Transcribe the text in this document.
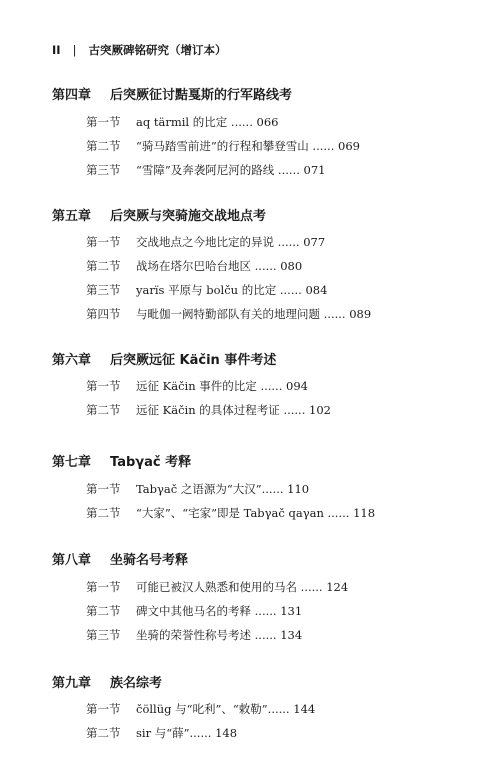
II | 古突厥碑铭研究（增订本）
第四章 后突厥征讨黠戛斯的行军路线考
第一节 aq tärmil 的比定 ...... 066
第二节 “骑马踏雪前进”的行程和攀登雪山 ...... 069
第三节 “雪障”及奔袭阿尼河的路线 ...... 071
第五章 后突厥与突骑施交战地点考
第一节 交战地点之今地比定的异说 ...... 077
第二节 战场在塔尔巴哈台地区 ...... 080
第三节 yarïs 平原与 bolču 的比定 ...... 084
第四节 与毗伽一阙特勤部队有关的地理问题 ...... 089
第六章 后突厥远征 Käčin 事件考述
第一节 远征 Käčin 事件的比定 ...... 094
第二节 远征 Käčin 的具体过程考证 ...... 102
第七章 Tabγač 考释
第一节 Tabγač 之语源为“大汉”...... 110
第二节 “大家”、“宅家”即是 Tabγač qaγan ...... 118
第八章 坐骑名号考释
第一节 可能已被汉人熟悉和使用的马名 ...... 124
第二节 碑文中其他马名的考释 ...... 131
第三节 坐骑的荣誉性称号考述 ...... 134
第九章 族名综考
第一节 čöllüg 与“叱利”、“敕勒”...... 144
第二节 sir 与“薛”...... 148
